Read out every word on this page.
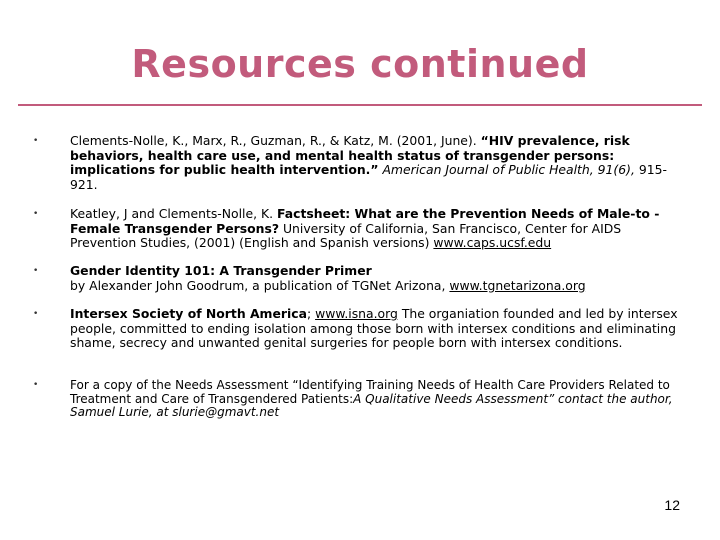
Resources continued
•	Clements-Nolle, K., Marx, R., Guzman, R., & Katz, M. (2001, June). “HIV prevalence, risk behaviors, health care use, and mental health status of transgender persons: implications for public health intervention.” American Journal of Public Health, 91(6), 915-921.
•	Keatley, J and Clements-Nolle, K. Factsheet: What are the Prevention Needs of Male-to -Female Transgender Persons? University of California, San Francisco, Center for AIDS Prevention Studies, (2001) (English and Spanish versions) www.caps.ucsf.edu
•	Gender Identity 101: A Transgender Primer
by Alexander John Goodrum, a publication of TGNet Arizona, www.tgnetarizona.org
•	Intersex Society of North America; www.isna.org The organiation founded and led by intersex people, committed to ending isolation among those born with intersex conditions and eliminating shame, secrecy and unwanted genital surgeries for people born with intersex conditions.
•	For a copy of the Needs Assessment “Identifying Training Needs of Health Care Providers Related to Treatment and Care of Transgendered Patients:A Qualitative Needs Assessment” contact the author, Samuel Lurie, at slurie@gmavt.net
12
